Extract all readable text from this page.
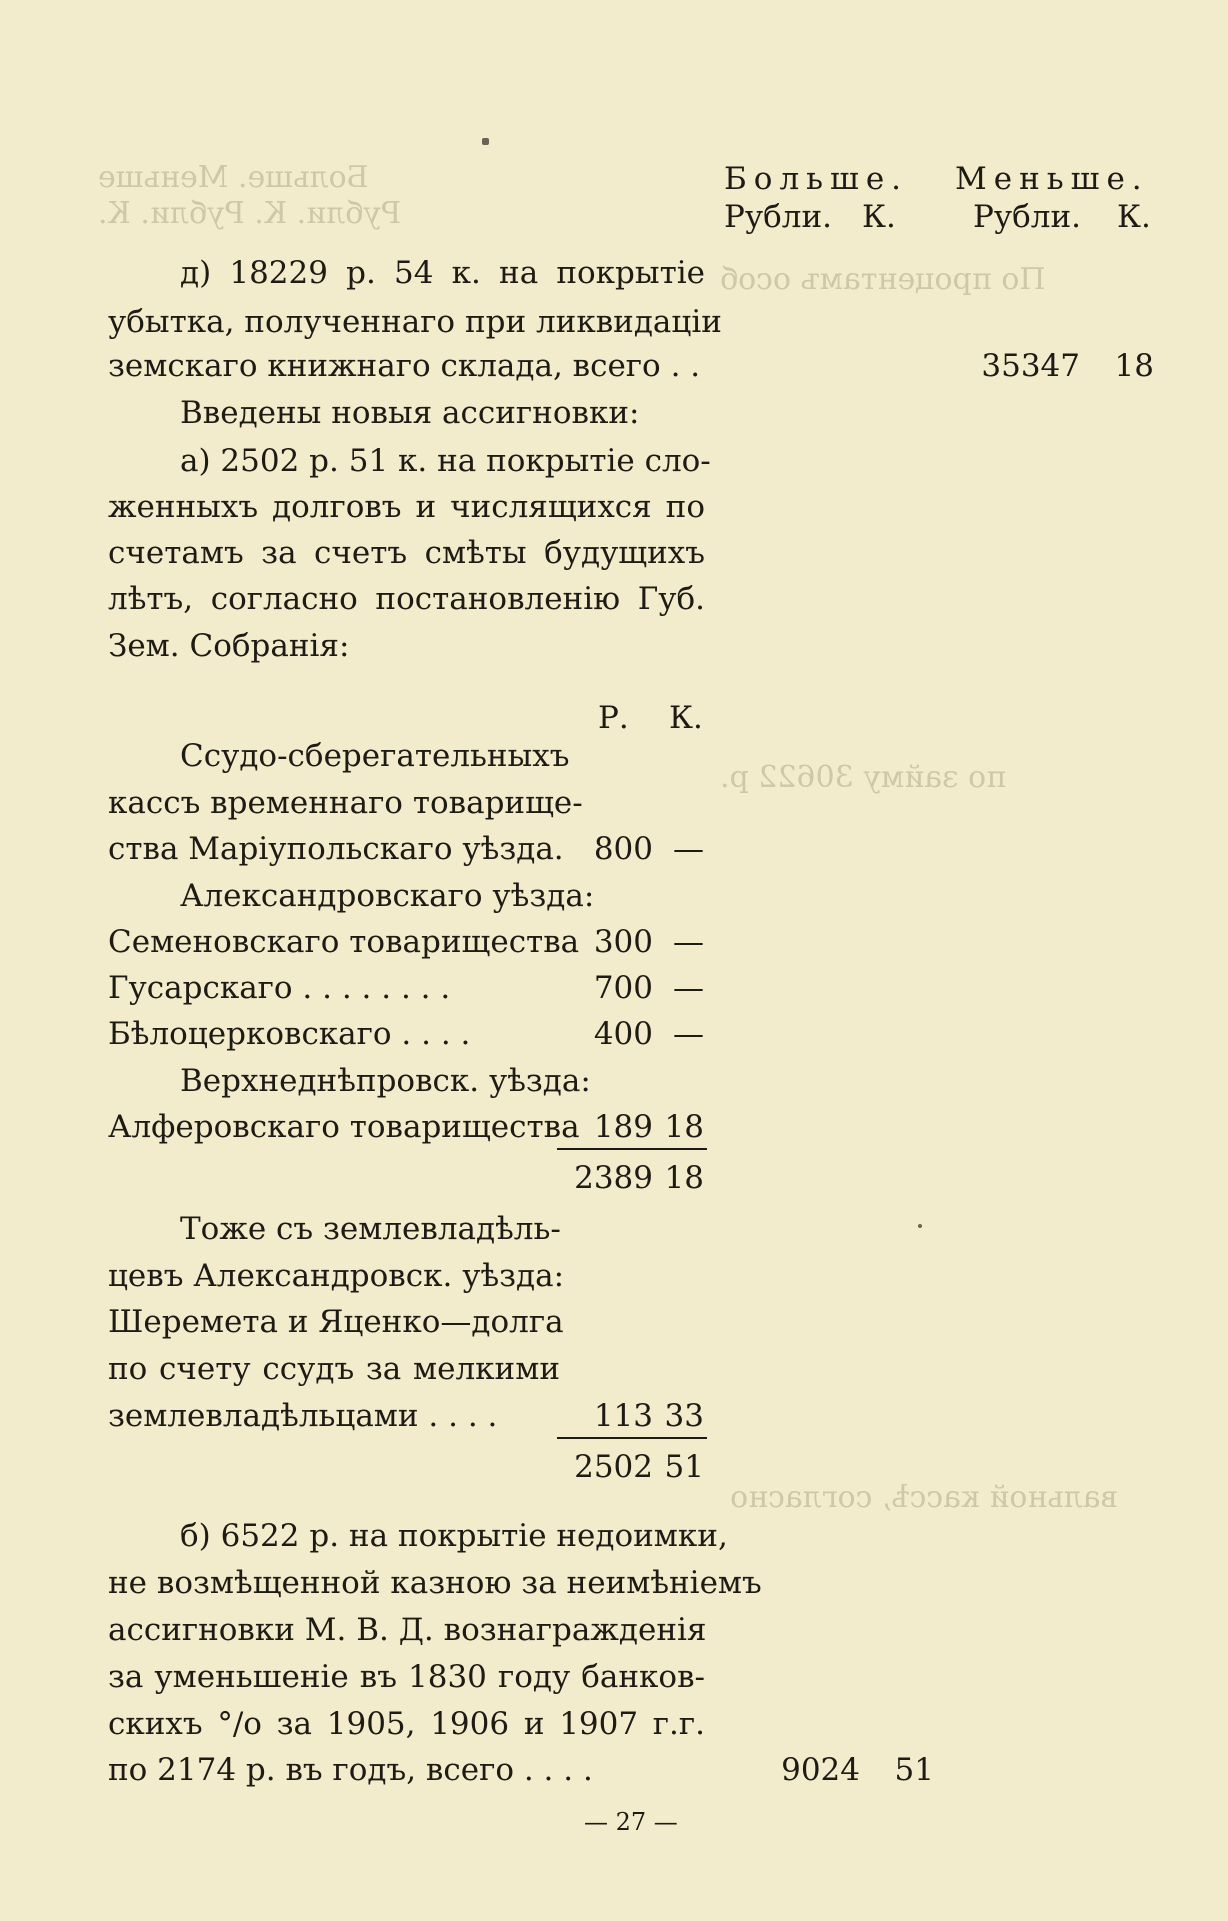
Больше. Меньше
Рубли. К. Рубли. К.
По процентамъ особ
по займу 30622 р.
вальной кассѣ, согласно
Больше. Меньше.
Рубли. К. Рубли. К.
д) 18229 р. 54 к. на покрытіе
убытка, полученнаго при ликвидаціи
земскаго книжнаго склада, всего . .	35347	18
Введены новыя ассигновки:
а) 2502 р. 51 к. на покрытіе сло-
женныхъ долговъ и числящихся по
счетамъ за счетъ смѣты будущихъ
лѣтъ, согласно постановленію Губ.
Зем. Собранія:
Р. К.
Ссудо-сберегательныхъ
кассъ временнаго товарище-
ства Маріупольскаго уѣзда. 800 —
Александровскаго уѣзда:
Семеновскаго товарищества 300 —
Гусарскаго . . . . . . . .	700 —
Бѣлоцерковскаго . . . .	400 —
Верхнеднѣпровск. уѣзда:
Алферовскаго товарищества 189 18
2389 18
Тоже съ землевладѣль-
цевъ Александровск. уѣзда:
Шеремета и Яценко—долга
по счету ссудъ за мелкими
землевладѣльцами . . . .	113 33
2502 51
б) 6522 р. на покрытіе недоимки,
не возмѣщенной казною за неимѣніемъ
ассигновки М. В. Д. вознагражденія
за уменьшеніе въ 1830 году банков-
скихъ °/о за 1905, 1906 и 1907 г.г.
по 2174 р. въ годъ, всего . . . .	9024	51
— 27 —
